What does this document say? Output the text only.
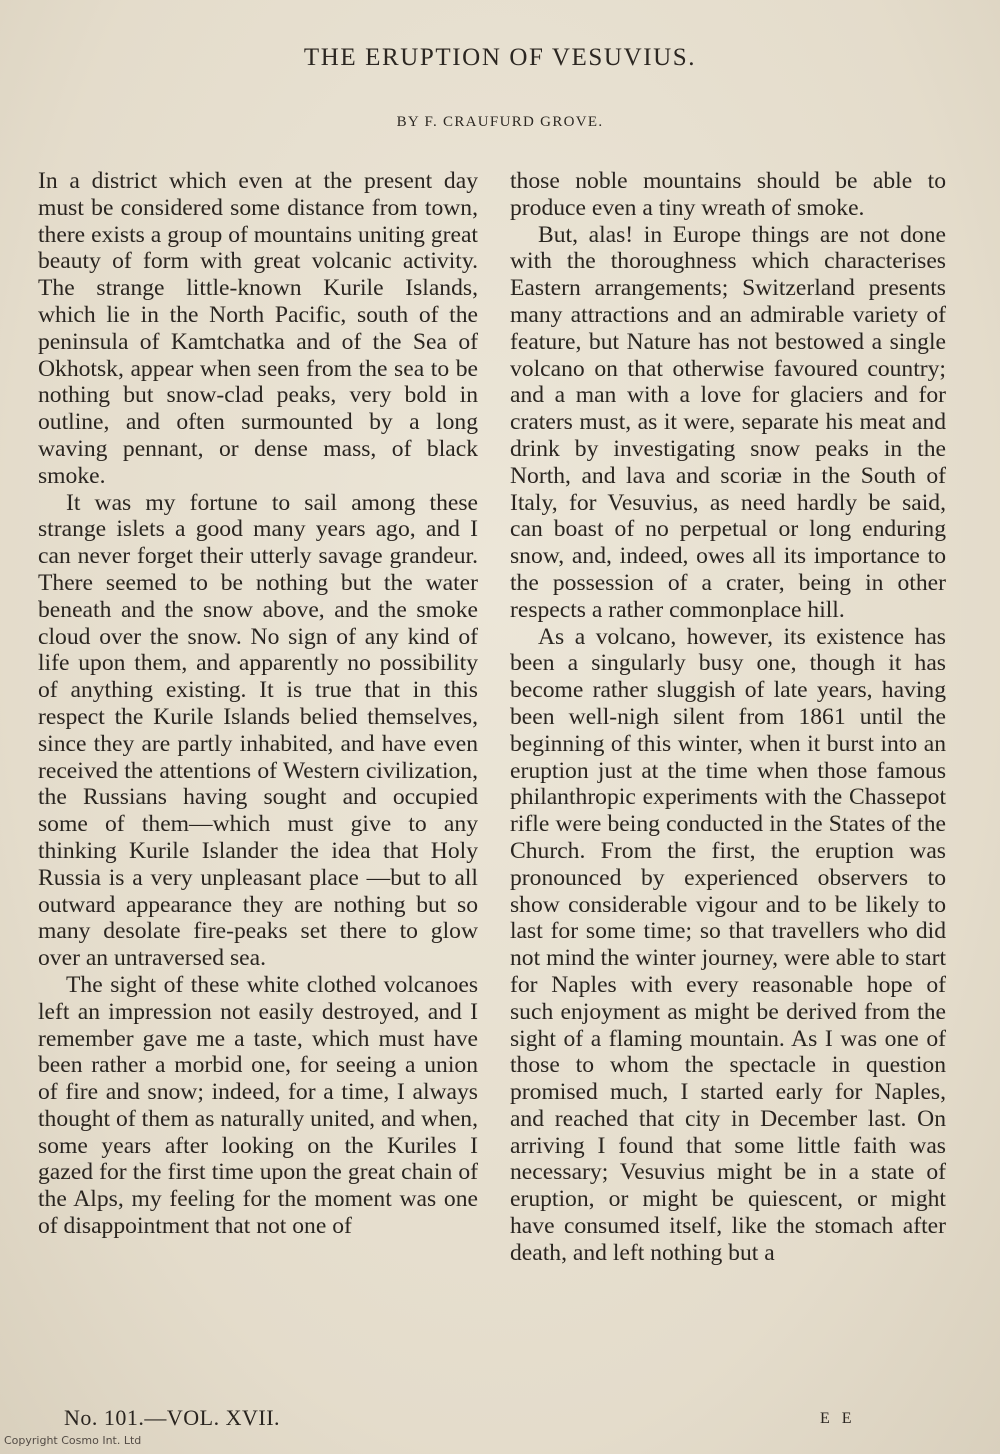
THE ERUPTION OF VESUVIUS.
BY F. CRAUFURD GROVE.

In a district which even at the present day must be considered some distance from town, there exists a group of mountains uniting great beauty of form with great volcanic activity. The strange little-known Kurile Islands, which lie in the North Pacific, south of the peninsula of Kamtchatka and of the Sea of Okhotsk, appear when seen from the sea to be nothing but snow-clad peaks, very bold in outline, and often surmounted by a long waving pennant, or dense mass, of black smoke.

It was my fortune to sail among these strange islets a good many years ago, and I can never forget their utterly savage grandeur. There seemed to be nothing but the water beneath and the snow above, and the smoke cloud over the snow. No sign of any kind of life upon them, and apparently no possibility of anything existing. It is true that in this respect the Kurile Islands belied themselves, since they are partly inhabited, and have even received the attentions of Western civilization, the Russians having sought and occupied some of them—which must give to any thinking Kurile Islander the idea that Holy Russia is a very unpleasant place —but to all outward appearance they are nothing but so many desolate fire-peaks set there to glow over an untraversed sea.

The sight of these white clothed volcanoes left an impression not easily destroyed, and I remember gave me a taste, which must have been rather a morbid one, for seeing a union of fire and snow; indeed, for a time, I always thought of them as naturally united, and when, some years after looking on the Kuriles I gazed for the first time upon the great chain of the Alps, my feeling for the moment was one of disappointment that not one of

those noble mountains should be able to produce even a tiny wreath of smoke.

But, alas! in Europe things are not done with the thoroughness which characterises Eastern arrangements; Switzerland presents many attractions and an admirable variety of feature, but Nature has not bestowed a single volcano on that otherwise favoured country; and a man with a love for glaciers and for craters must, as it were, separate his meat and drink by investigating snow peaks in the North, and lava and scoriæ in the South of Italy, for Vesuvius, as need hardly be said, can boast of no perpetual or long enduring snow, and, indeed, owes all its importance to the possession of a crater, being in other respects a rather commonplace hill.

As a volcano, however, its existence has been a singularly busy one, though it has become rather sluggish of late years, having been well-nigh silent from 1861 until the beginning of this winter, when it burst into an eruption just at the time when those famous philanthropic experiments with the Chassepot rifle were being conducted in the States of the Church. From the first, the eruption was pronounced by experienced observers to show considerable vigour and to be likely to last for some time; so that travellers who did not mind the winter journey, were able to start for Naples with every reasonable hope of such enjoyment as might be derived from the sight of a flaming mountain. As I was one of those to whom the spectacle in question promised much, I started early for Naples, and reached that city in December last. On arriving I found that some little faith was necessary; Vesuvius might be in a state of eruption, or might be quiescent, or might have consumed itself, like the stomach after death, and left nothing but a

No. 101.—VOL. XVII.	E E
Copyright Cosmo Int. Ltd
